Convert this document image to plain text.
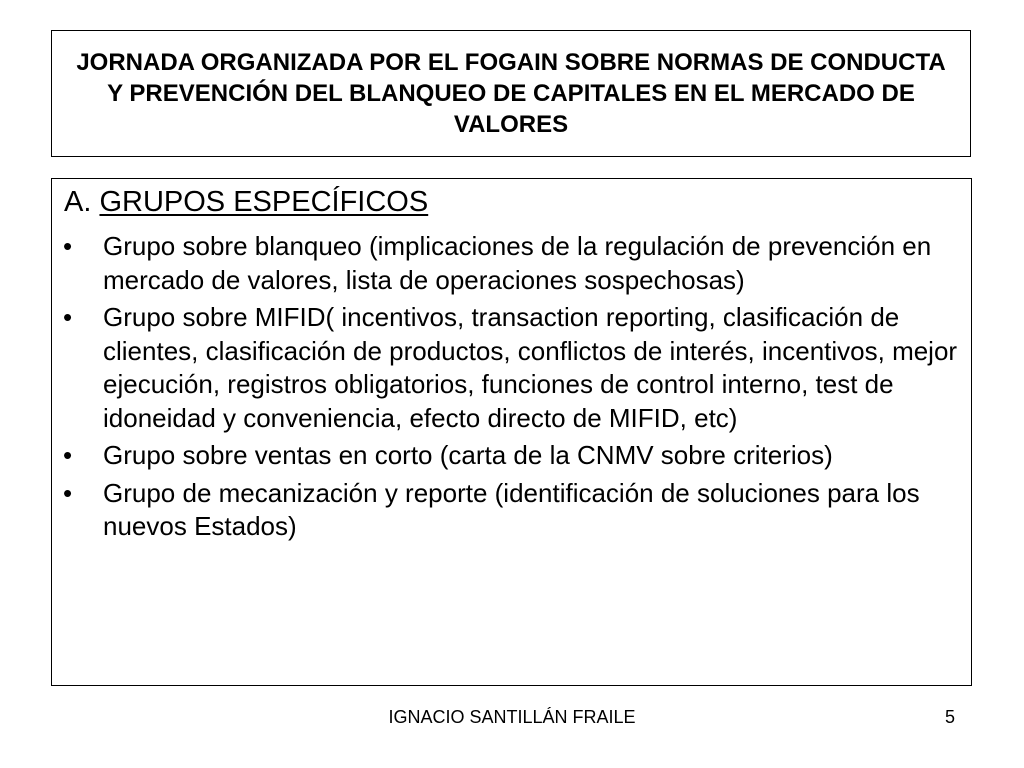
JORNADA ORGANIZADA POR EL FOGAIN SOBRE NORMAS DE CONDUCTA Y PREVENCIÓN DEL BLANQUEO DE CAPITALES EN EL MERCADO DE VALORES
A. GRUPOS ESPECÍFICOS
• Grupo sobre blanqueo (implicaciones de la regulación de prevención en mercado de valores, lista de operaciones sospechosas)
• Grupo sobre MIFID( incentivos, transaction reporting, clasificación de clientes, clasificación de productos, conflictos de interés, incentivos, mejor ejecución, registros obligatorios, funciones de control interno, test de idoneidad y conveniencia, efecto directo de MIFID, etc)
• Grupo sobre ventas en corto (carta de la CNMV sobre criterios)
• Grupo de mecanización y reporte (identificación de soluciones para los nuevos Estados)
IGNACIO SANTILLÁN FRAILE	5
